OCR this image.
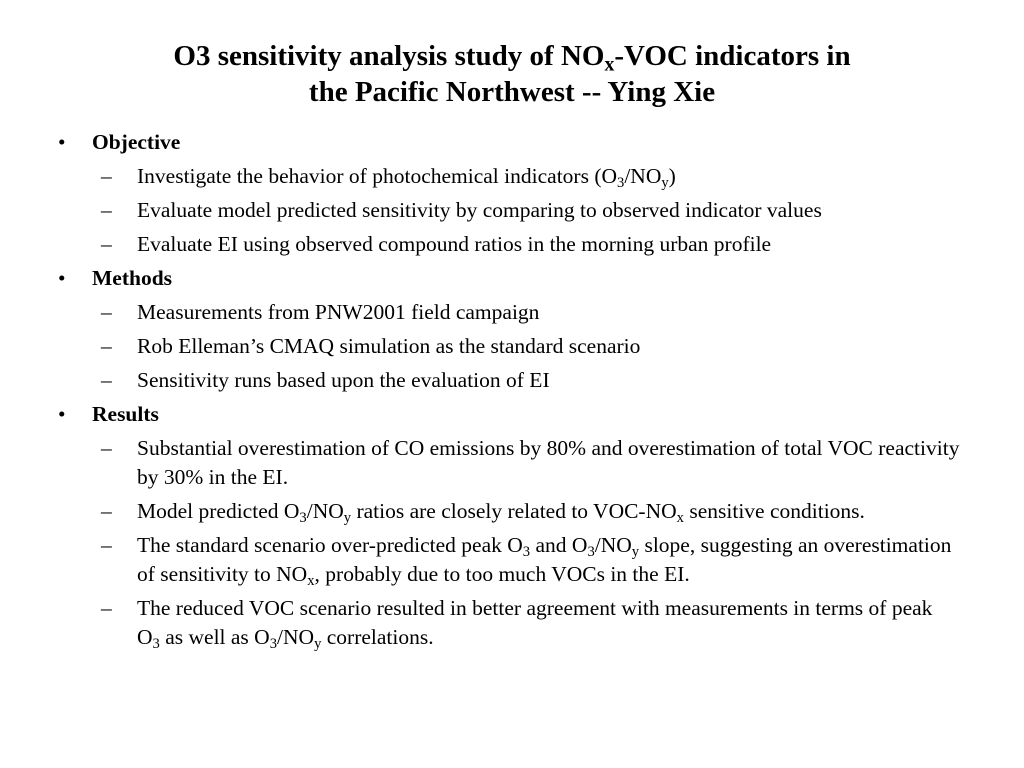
O3 sensitivity analysis study of $NO_x$-VOC indicators in
the Pacific Northwest -- Ying Xie
• Objective
– Investigate the behavior of photochemical indicators $(O_3/NO_y)$
– Evaluate model predicted sensitivity by comparing to observed indicator values
– Evaluate EI using observed compound ratios in the morning urban profile
• Methods
– Measurements from PNW2001 field campaign
– Rob Elleman’s CMAQ simulation as the standard scenario
– Sensitivity runs based upon the evaluation of EI
• Results
– Substantial overestimation of CO emissions by 80% and overestimation of total VOC reactivity by 30% in the EI.
– Model predicted $O_3/NO_y$ ratios are closely related to VOC-$NO_x$ sensitive conditions.
– The standard scenario over-predicted peak $O_3$ and $O_3/NO_y$ slope, suggesting an overestimation of sensitivity to $NO_x$, probably due to too much VOCs in the EI.
– The reduced VOC scenario resulted in better agreement with measurements in terms of peak $O_3$ as well as $O_3/NO_y$ correlations.
